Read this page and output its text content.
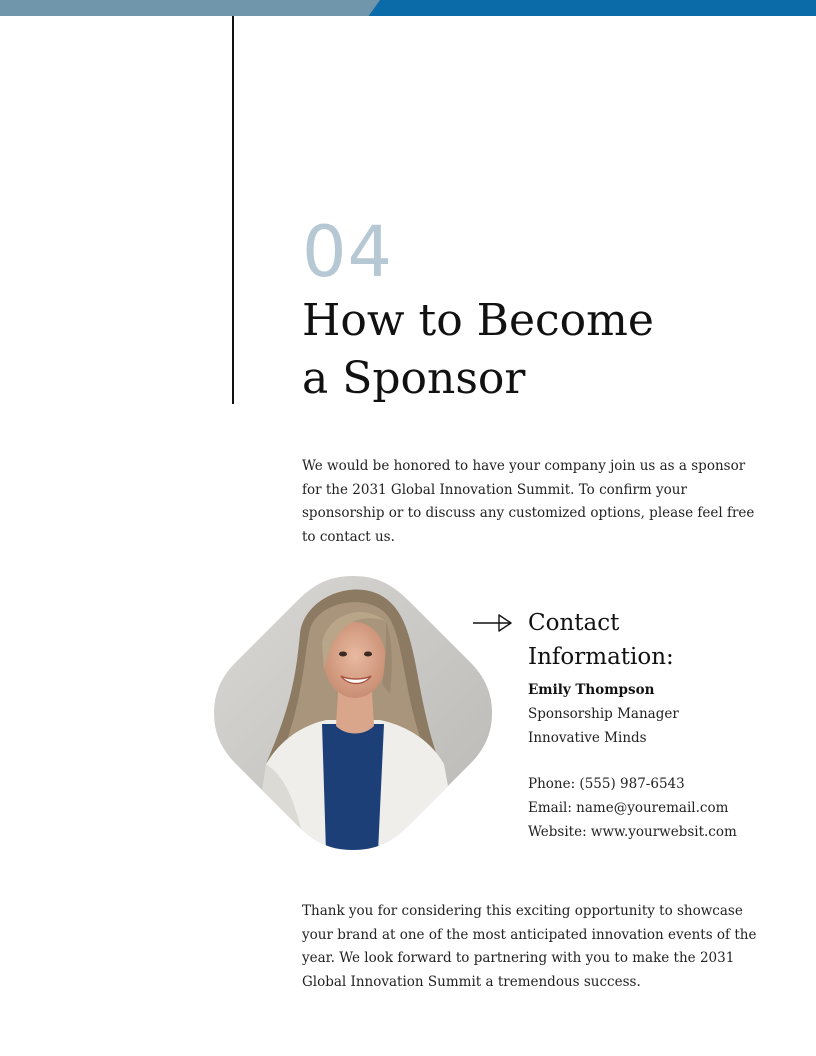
04
How to Become
a Sponsor

We would be honored to have your company join us as a sponsor for the 2031 Global Innovation Summit. To confirm your sponsorship or to discuss any customized options, please feel free to contact us.

Contact
Information:
Emily Thompson
Sponsorship Manager
Innovative Minds
Phone: (555) 987-6543
Email: name@youremail.com
Website: www.yourwebsit.com

Thank you for considering this exciting opportunity to showcase your brand at one of the most anticipated innovation events of the year. We look forward to partnering with you to make the 2031 Global Innovation Summit a tremendous success.
